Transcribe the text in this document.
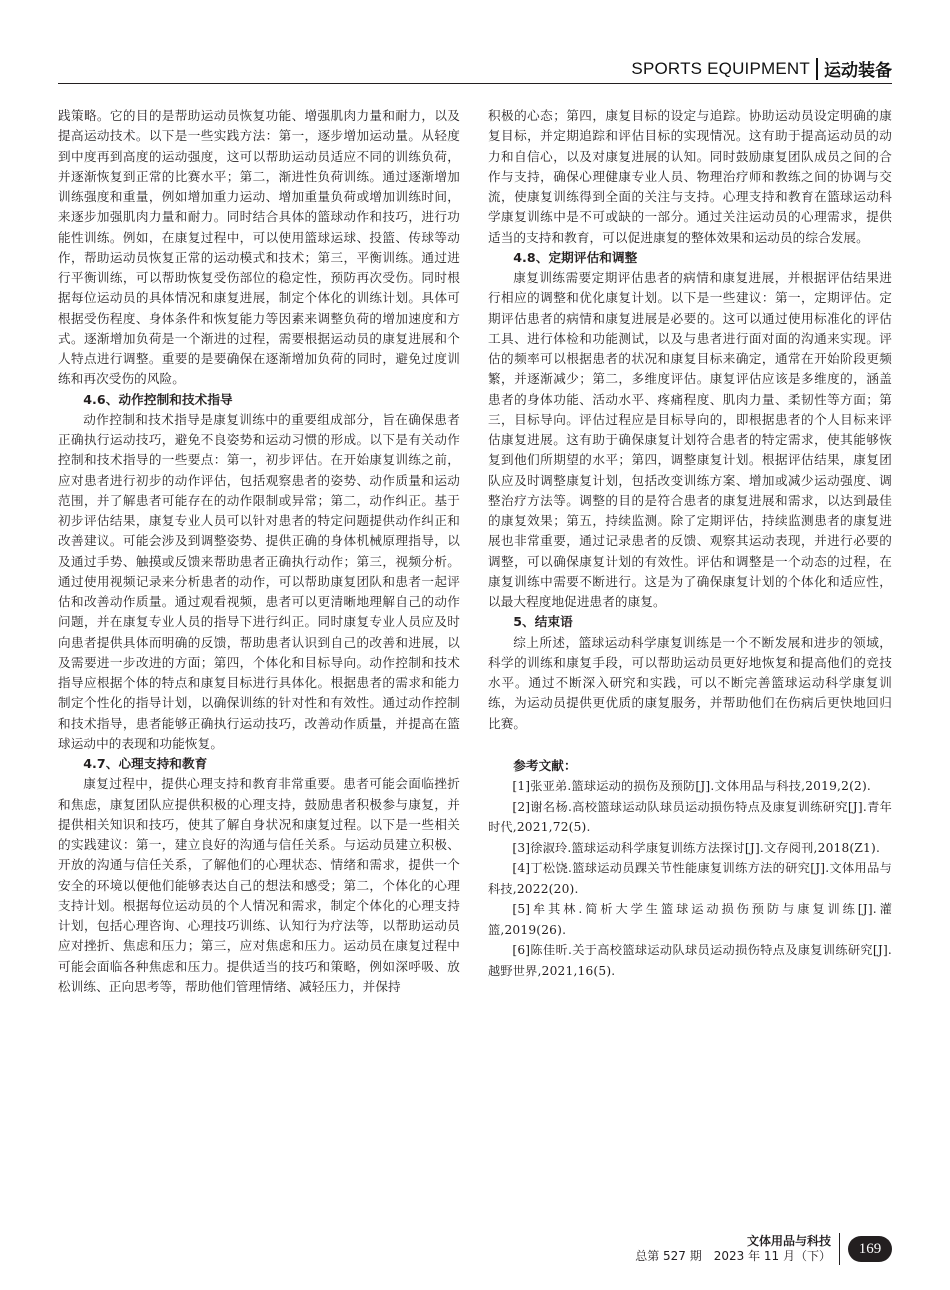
SPORTS EQUIPMENT 运动装备

践策略。它的目的是帮助运动员恢复功能、增强肌肉力量和耐力，以及提高运动技术。以下是一些实践方法：第一，逐步增加运动量。从轻度到中度再到高度的运动强度，这可以帮助运动员适应不同的训练负荷，并逐渐恢复到正常的比赛水平；第二，渐进性负荷训练。通过逐渐增加训练强度和重量，例如增加重力运动、增加重量负荷或增加训练时间，来逐步加强肌肉力量和耐力。同时结合具体的篮球动作和技巧，进行功能性训练。例如，在康复过程中，可以使用篮球运球、投篮、传球等动作，帮助运动员恢复正常的运动模式和技术；第三，平衡训练。通过进行平衡训练，可以帮助恢复受伤部位的稳定性，预防再次受伤。同时根据每位运动员的具体情况和康复进展，制定个体化的训练计划。具体可根据受伤程度、身体条件和恢复能力等因素来调整负荷的增加速度和方式。逐渐增加负荷是一个渐进的过程，需要根据运动员的康复进展和个人特点进行调整。重要的是要确保在逐渐增加负荷的同时，避免过度训练和再次受伤的风险。

4.6、动作控制和技术指导

动作控制和技术指导是康复训练中的重要组成部分，旨在确保患者正确执行运动技巧，避免不良姿势和运动习惯的形成。以下是有关动作控制和技术指导的一些要点：第一，初步评估。在开始康复训练之前，应对患者进行初步的动作评估，包括观察患者的姿势、动作质量和运动范围，并了解患者可能存在的动作限制或异常；第二，动作纠正。基于初步评估结果，康复专业人员可以针对患者的特定问题提供动作纠正和改善建议。可能会涉及到调整姿势、提供正确的身体机械原理指导，以及通过手势、触摸或反馈来帮助患者正确执行动作；第三，视频分析。通过使用视频记录来分析患者的动作，可以帮助康复团队和患者一起评估和改善动作质量。通过观看视频，患者可以更清晰地理解自己的动作问题，并在康复专业人员的指导下进行纠正。同时康复专业人员应及时向患者提供具体而明确的反馈，帮助患者认识到自己的改善和进展，以及需要进一步改进的方面；第四，个体化和目标导向。动作控制和技术指导应根据个体的特点和康复目标进行具体化。根据患者的需求和能力制定个性化的指导计划，以确保训练的针对性和有效性。通过动作控制和技术指导，患者能够正确执行运动技巧，改善动作质量，并提高在篮球运动中的表现和功能恢复。

4.7、心理支持和教育

康复过程中，提供心理支持和教育非常重要。患者可能会面临挫折和焦虑，康复团队应提供积极的心理支持，鼓励患者积极参与康复，并提供相关知识和技巧，使其了解自身状况和康复过程。以下是一些相关的实践建议：第一，建立良好的沟通与信任关系。与运动员建立积极、开放的沟通与信任关系，了解他们的心理状态、情绪和需求，提供一个安全的环境以便他们能够表达自己的想法和感受；第二，个体化的心理支持计划。根据每位运动员的个人情况和需求，制定个体化的心理支持计划，包括心理咨询、心理技巧训练、认知行为疗法等，以帮助运动员应对挫折、焦虑和压力；第三，应对焦虑和压力。运动员在康复过程中可能会面临各种焦虑和压力。提供适当的技巧和策略，例如深呼吸、放松训练、正向思考等，帮助他们管理情绪、减轻压力，并保持

积极的心态；第四，康复目标的设定与追踪。协助运动员设定明确的康复目标，并定期追踪和评估目标的实现情况。这有助于提高运动员的动力和自信心，以及对康复进展的认知。同时鼓励康复团队成员之间的合作与支持，确保心理健康专业人员、物理治疗师和教练之间的协调与交流，使康复训练得到全面的关注与支持。心理支持和教育在篮球运动科学康复训练中是不可或缺的一部分。通过关注运动员的心理需求，提供适当的支持和教育，可以促进康复的整体效果和运动员的综合发展。

4.8、定期评估和调整

康复训练需要定期评估患者的病情和康复进展，并根据评估结果进行相应的调整和优化康复计划。以下是一些建议：第一，定期评估。定期评估患者的病情和康复进展是必要的。这可以通过使用标准化的评估工具、进行体检和功能测试，以及与患者进行面对面的沟通来实现。评估的频率可以根据患者的状况和康复目标来确定，通常在开始阶段更频繁，并逐渐减少；第二，多维度评估。康复评估应该是多维度的，涵盖患者的身体功能、活动水平、疼痛程度、肌肉力量、柔韧性等方面；第三，目标导向。评估过程应是目标导向的，即根据患者的个人目标来评估康复进展。这有助于确保康复计划符合患者的特定需求，使其能够恢复到他们所期望的水平；第四，调整康复计划。根据评估结果，康复团队应及时调整康复计划，包括改变训练方案、增加或减少运动强度、调整治疗方法等。调整的目的是符合患者的康复进展和需求，以达到最佳的康复效果；第五，持续监测。除了定期评估，持续监测患者的康复进展也非常重要，通过记录患者的反馈、观察其运动表现，并进行必要的调整，可以确保康复计划的有效性。评估和调整是一个动态的过程，在康复训练中需要不断进行。这是为了确保康复计划的个体化和适应性，以最大程度地促进患者的康复。

5、结束语

综上所述，篮球运动科学康复训练是一个不断发展和进步的领域，科学的训练和康复手段，可以帮助运动员更好地恢复和提高他们的竞技水平。通过不断深入研究和实践，可以不断完善篮球运动科学康复训练，为运动员提供更优质的康复服务，并帮助他们在伤病后更快地回归比赛。

参考文献：

[1]张亚弟.篮球运动的损伤及预防[J].文体用品与科技,2019,2(2).

[2]谢名杨.高校篮球运动队球员运动损伤特点及康复训练研究[J].青年时代,2021,72(5).

[3]徐淑玲.篮球运动科学康复训练方法探讨[J].文存阅刊,2018(Z1).

[4]丁松饶.篮球运动员踝关节性能康复训练方法的研究[J].文体用品与科技,2022(20).

[5]牟其林.简析大学生篮球运动损伤预防与康复训练[J].灌篮,2019(26).

[6]陈佳昕.关于高校篮球运动队球员运动损伤特点及康复训练研究[J].越野世界,2021,16(5).

文体用品与科技
总第 527 期　2023 年 11 月（下）	169
